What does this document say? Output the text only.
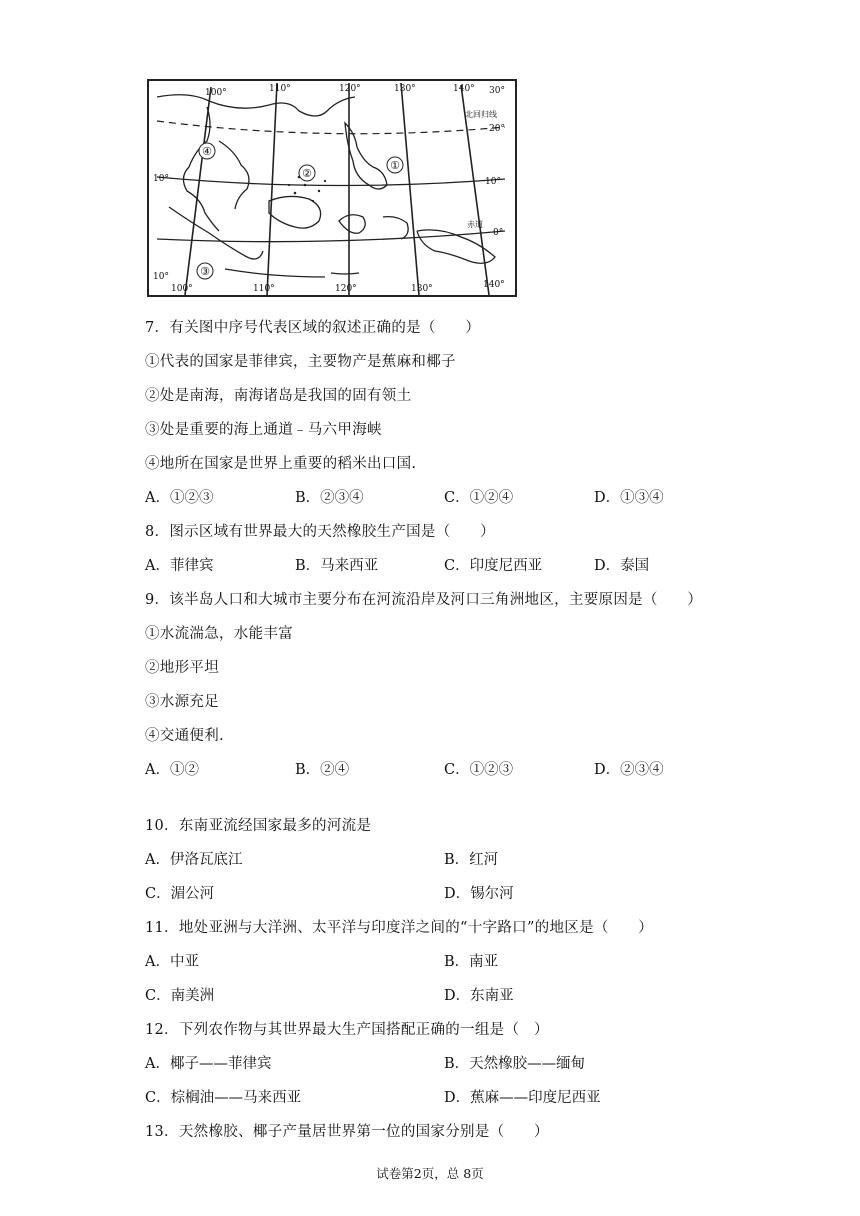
①
②
③
④
100°	110°	120°	130°	140° 30°
20°
10°
0°
10°
10°
100°	110°	120°	130°	140°
北回归线
赤道
7．有关图中序号代表区域的叙述正确的是（　　）
①代表的国家是菲律宾，主要物产是蕉麻和椰子
②处是南海，南海诸岛是我国的固有领土
③处是重要的海上通道﹣马六甲海峡
④地所在国家是世界上重要的稻米出口国.
A．①②③	B．②③④	C．①②④	D．①③④
8．图示区域有世界最大的天然橡胶生产国是（　　）
A．菲律宾	B．马来西亚	C．印度尼西亚	D．泰国
9．该半岛人口和大城市主要分布在河流沿岸及河口三角洲地区，主要原因是（　　）
①水流湍急，水能丰富
②地形平坦
③水源充足
④交通便利.
A．①②	B．②④	C．①②③	D．②③④
10．东南亚流经国家最多的河流是
A．伊洛瓦底江	B．红河
C．湄公河	D．锡尔河
11．地处亚洲与大洋洲、太平洋与印度洋之间的“十字路口”的地区是（　　）
A．中亚	B．南亚
C．南美洲	D．东南亚
12．下列农作物与其世界最大生产国搭配正确的一组是（　）
A．椰子——菲律宾	B．天然橡胶——缅甸
C．棕榈油——马来西亚	D．蕉麻——印度尼西亚
13．天然橡胶、椰子产量居世界第一位的国家分别是（　　）
试卷第2页，总 8页
